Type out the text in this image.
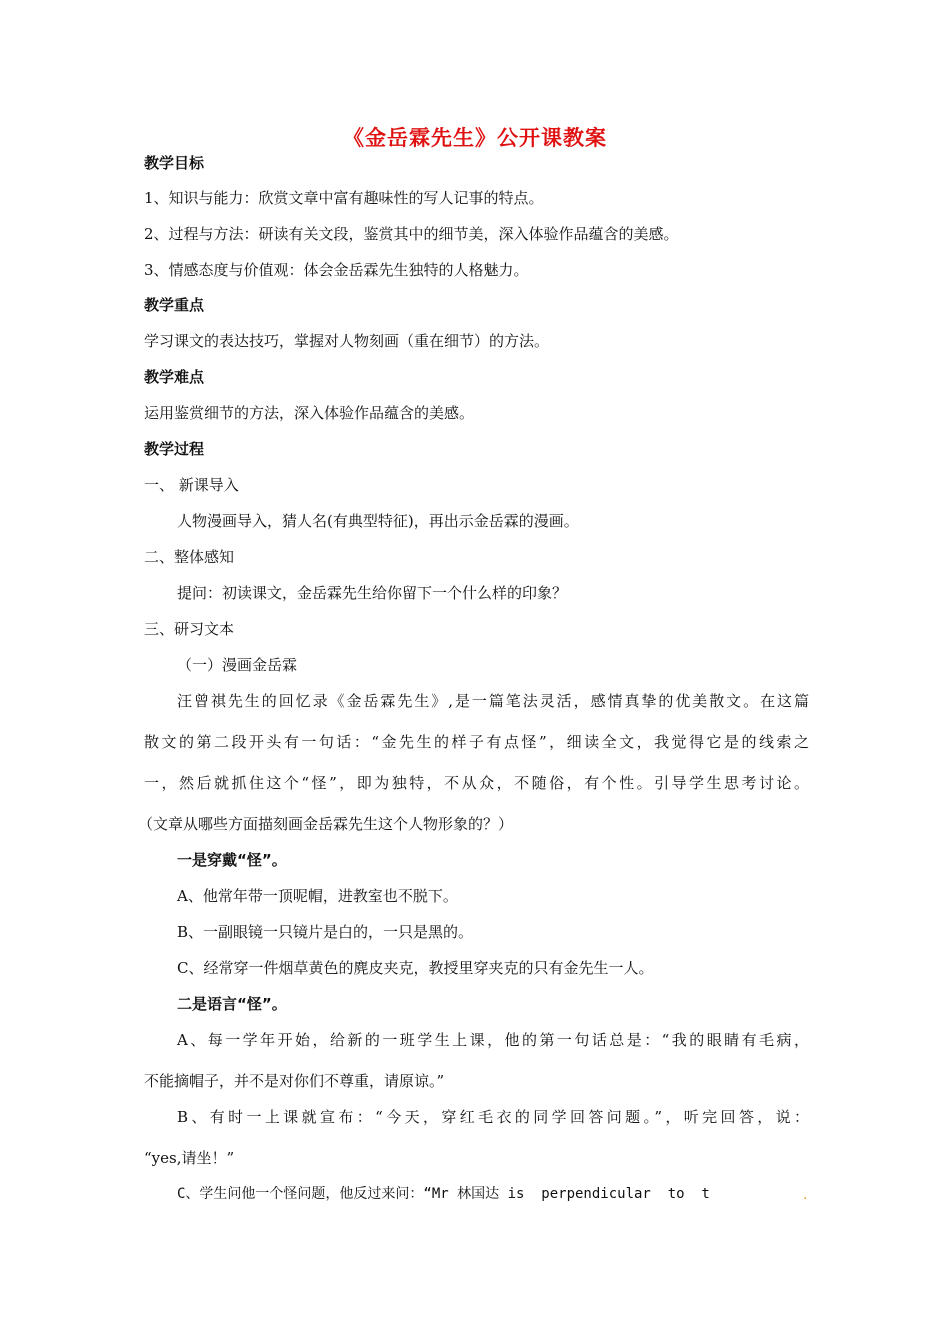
《金岳霖先生》公开课教案
教学目标
1、知识与能力：欣赏文章中富有趣味性的写人记事的特点。
2、过程与方法：研读有关文段，鉴赏其中的细节美，深入体验作品蕴含的美感。
3、情感态度与价值观：体会金岳霖先生独特的人格魅力。
教学重点
学习课文的表达技巧，掌握对人物刻画（重在细节）的方法。
教学难点
运用鉴赏细节的方法，深入体验作品蕴含的美感。
教学过程
一、 新课导入
人物漫画导入，猜人名(有典型特征)，再出示金岳霖的漫画。
二、整体感知
提问：初读课文，金岳霖先生给你留下一个什么样的印象？
三、研习文本
（一）漫画金岳霖
汪曾祺先生的回忆录《金岳霖先生》,是一篇笔法灵活，感情真挚的优美散文。在这篇
散文的第二段开头有一句话：“金先生的样子有点怪”，细读全文，我觉得它是的线索之
一，然后就抓住这个“怪”，即为独特，不从众，不随俗，有个性。引导学生思考讨论。
（文章从哪些方面描刻画金岳霖先生这个人物形象的？）
一是穿戴“怪”。
A、他常年带一顶呢帽，进教室也不脱下。
B、一副眼镜一只镜片是白的，一只是黑的。
C、经常穿一件烟草黄色的麂皮夹克，教授里穿夹克的只有金先生一人。
二是语言“怪”。
A、每一学年开始，给新的一班学生上课，他的第一句话总是：“我的眼睛有毛病，
不能摘帽子，并不是对你们不尊重，请原谅。”
B、有时一上课就宣布：“今天，穿红毛衣的同学回答问题。”，听完回答，说：
“yes,请坐！”
C、学生问他一个怪问题，他反过来问：“Mr 林国达 is  perpendicular  to  t	.
